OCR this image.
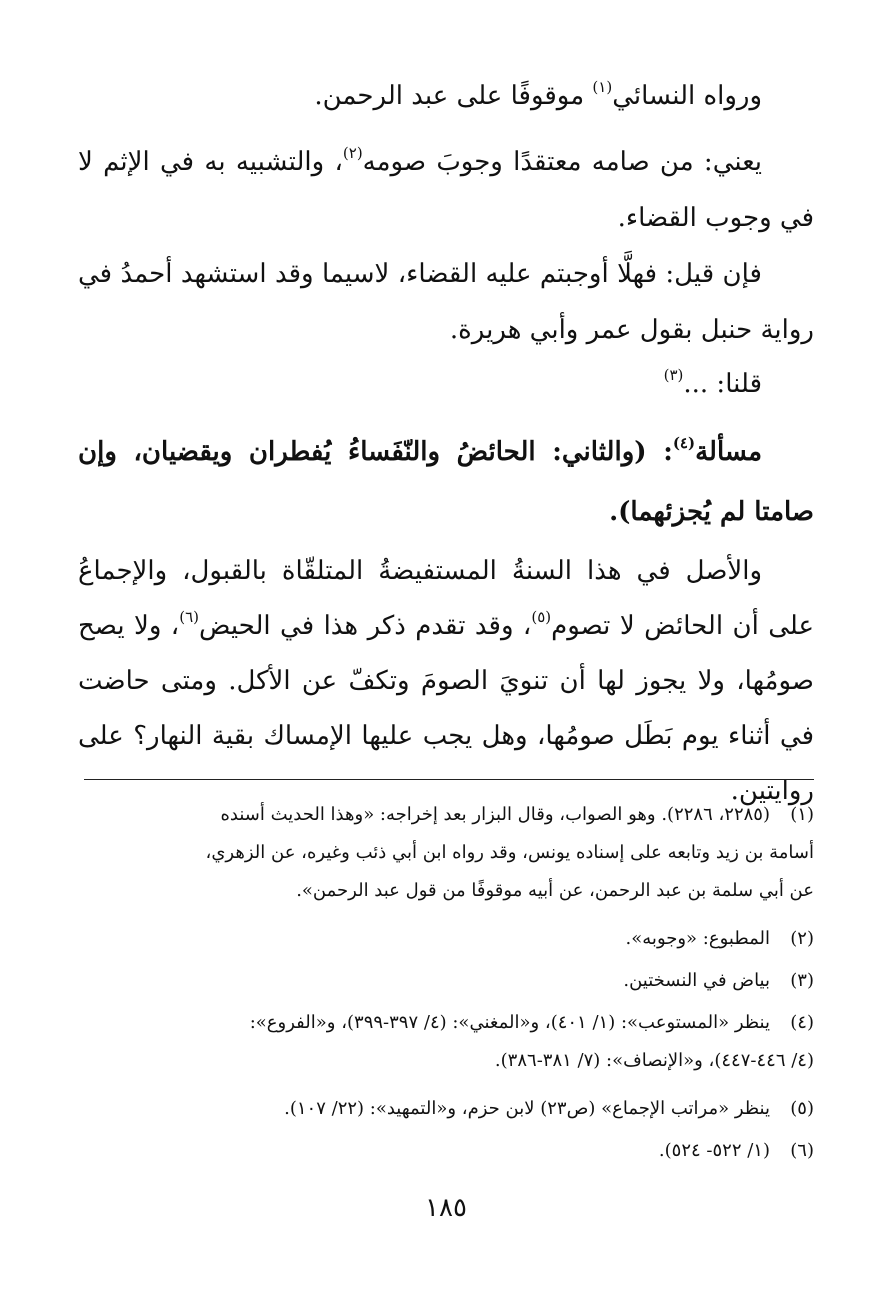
ورواه النسائي$^{(١)}$ موقوفًا على عبد الرحمن.

يعني: من صامه معتقدًا وجوبَ صومه$^{(٢)}$، والتشبيه به في الإثم لا في وجوب القضاء.

فإن قيل: فهلَّا أوجبتم عليه القضاء، لاسيما وقد استشهد أحمدُ في رواية حنبل بقول عمر وأبي هريرة.

قلنا: ...$^{(٣)}$

مسألة$^{(٤)}$: (والثاني: الحائضُ والنّفَساءُ يُفطران ويقضيان، وإن صامتا لم يُجزئهما).

والأصل في هذا السنةُ المستفيضةُ المتلقّاة بالقبول، والإجماعُ على أن الحائض لا تصوم$^{(٥)}$، وقد تقدم ذكر هذا في الحيض$^{(٦)}$، ولا يصح صومُها، ولا يجوز لها أن تنويَ الصومَ وتكفّ عن الأكل. ومتى حاضت في أثناء يوم بَطَل صومُها، وهل يجب عليها الإمساك بقية النهار؟ على روايتين.

(١)(٢٢٨٥، ٢٢٨٦). وهو الصواب، وقال البزار بعد إخراجه: «وهذا الحديث أسنده

أسامة بن زيد وتابعه على إسناده يونس، وقد رواه ابن أبي ذئب وغيره، عن الزهري،

عن أبي سلمة بن عبد الرحمن، عن أبيه موقوفًا من قول عبد الرحمن».

(٢)المطبوع: «وجوبه».

(٣)بياض في النسختين.

(٤)ينظر «المستوعب»: (١/ ٤٠١)، و«المغني»: (٤/ ٣٩٧-٣٩٩)، و«الفروع»:

(٤/ ٤٤٦-٤٤٧)، و«الإنصاف»: (٧/ ٣٨١-٣٨٦).

(٥)ينظر «مراتب الإجماع» (ص٢٣) لابن حزم، و«التمهيد»: (٢٢/ ١٠٧).

(٦)(١/ ٥٢٢- ٥٢٤).

١٨٥
